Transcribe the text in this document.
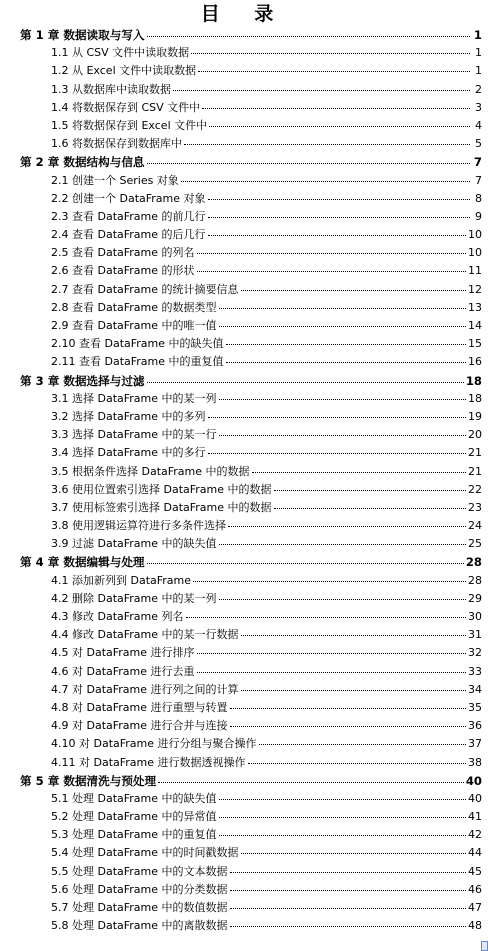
目 录
第 1 章 数据读取与写入	1
1.1 从 CSV 文件中读取数据	1
1.2 从 Excel 文件中读取数据	1
1.3 从数据库中读取数据	2
1.4 将数据保存到 CSV 文件中	3
1.5 将数据保存到 Excel 文件中	4
1.6 将数据保存到数据库中	5
第 2 章 数据结构与信息	7
2.1 创建一个 Series 对象	7
2.2 创建一个 DataFrame 对象	8
2.3 查看 DataFrame 的前几行	9
2.4 查看 DataFrame 的后几行	10
2.5 查看 DataFrame 的列名	10
2.6 查看 DataFrame 的形状	11
2.7 查看 DataFrame 的统计摘要信息	12
2.8 查看 DataFrame 的数据类型	13
2.9 查看 DataFrame 中的唯一值	14
2.10 查看 DataFrame 中的缺失值	15
2.11 查看 DataFrame 中的重复值	16
第 3 章 数据选择与过滤	18
3.1 选择 DataFrame 中的某一列	18
3.2 选择 DataFrame 中的多列	19
3.3 选择 DataFrame 中的某一行	20
3.4 选择 DataFrame 中的多行	21
3.5 根据条件选择 DataFrame 中的数据	21
3.6 使用位置索引选择 DataFrame 中的数据	22
3.7 使用标签索引选择 DataFrame 中的数据	23
3.8 使用逻辑运算符进行多条件选择	24
3.9 过滤 DataFrame 中的缺失值	25
第 4 章 数据编辑与处理	28
4.1 添加新列到 DataFrame	28
4.2 删除 DataFrame 中的某一列	29
4.3 修改 DataFrame 列名	30
4.4 修改 DataFrame 中的某一行数据	31
4.5 对 DataFrame 进行排序	32
4.6 对 DataFrame 进行去重	33
4.7 对 DataFrame 进行列之间的计算	34
4.8 对 DataFrame 进行重塑与转置	35
4.9 对 DataFrame 进行合并与连接	36
4.10 对 DataFrame 进行分组与聚合操作	37
4.11 对 DataFrame 进行数据透视操作	38
第 5 章 数据清洗与预处理	40
5.1 处理 DataFrame 中的缺失值	40
5.2 处理 DataFrame 中的异常值	41
5.3 处理 DataFrame 中的重复值	42
5.4 处理 DataFrame 中的时间戳数据	44
5.5 处理 DataFrame 中的文本数据	45
5.6 处理 DataFrame 中的分类数据	46
5.7 处理 DataFrame 中的数值数据	47
5.8 处理 DataFrame 中的离散数据	48
